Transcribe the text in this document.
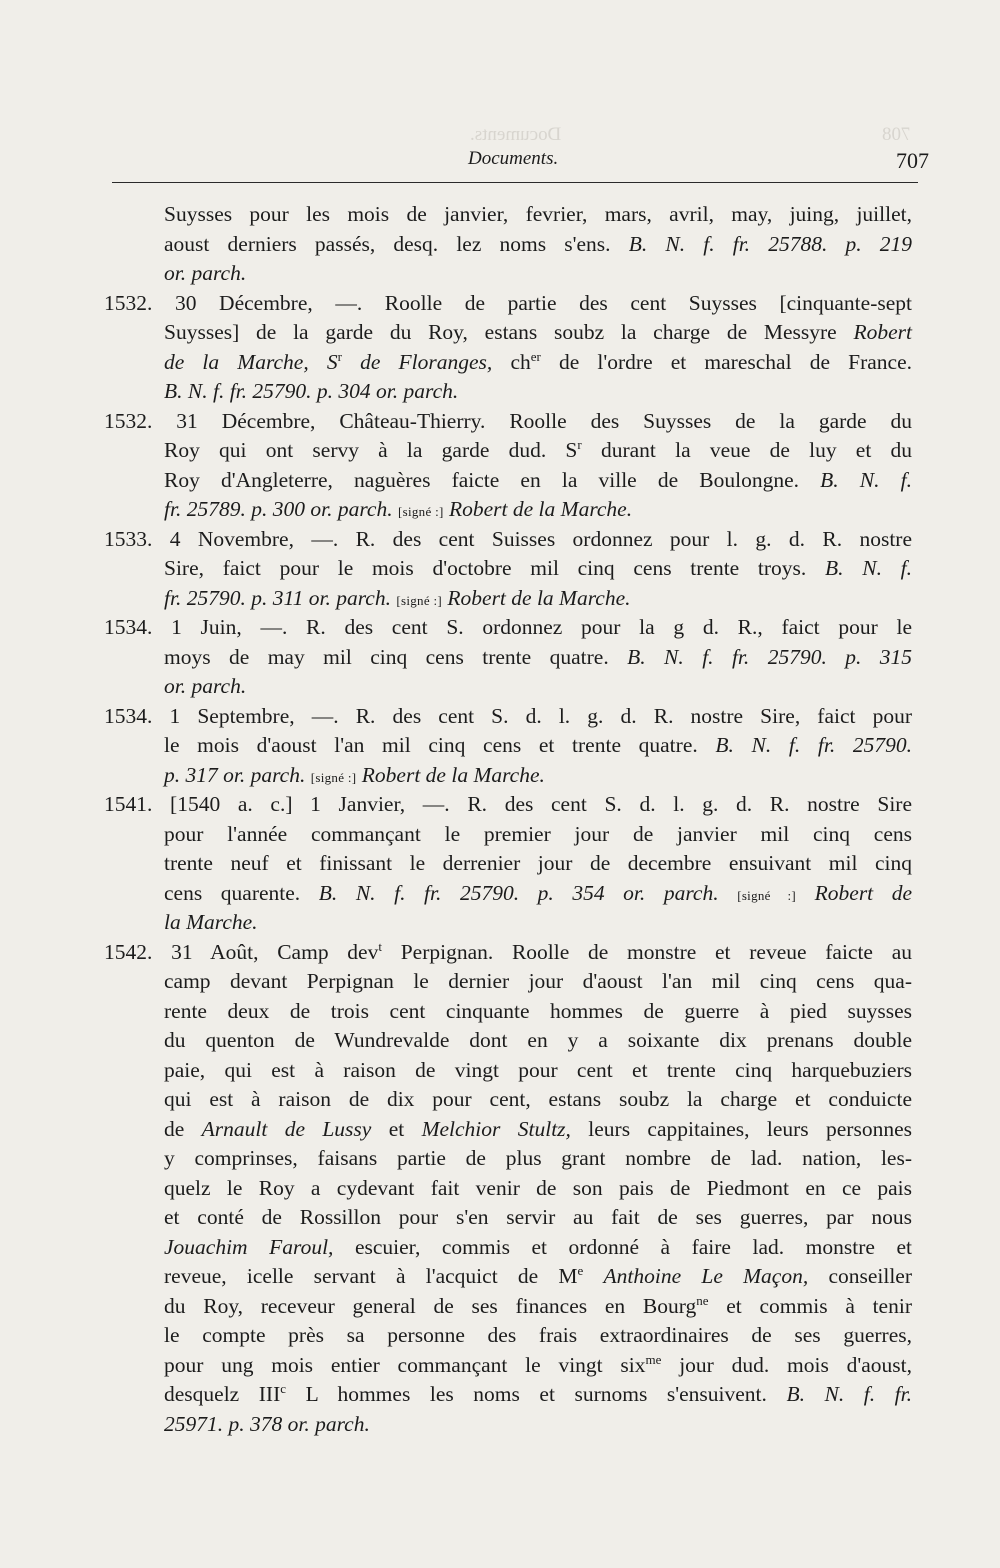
708
Documents.
Documents.	707
Suysses pour les mois de janvier, fevrier, mars, avril, may, juing, juillet,
aoust derniers passés, desq. lez noms s'ens. B. N. f. fr. 25788. p. 219
or. parch.
1532. 30 Décembre, —. Roolle de partie des cent Suysses [cinquante-sept
Suysses] de la garde du Roy, estans soubz la charge de Messyre Robert
de la Marche, $S^r$ de Floranges, $ch^{er}$ de l'ordre et mareschal de France.
B. N. f. fr. 25790. p. 304 or. parch.
1532. 31 Décembre, Château-Thierry. Roolle des Suysses de la garde du
Roy qui ont servy à la garde dud. $S^r$ durant la veue de luy et du
Roy d'Angleterre, naguères faicte en la ville de Boulongne. B. N. f.
fr. 25789. p. 300 or. parch. [signé :] Robert de la Marche.
1533. 4 Novembre, —. R. des cent Suisses ordonnez pour l. g. d. R. nostre
Sire, faict pour le mois d'octobre mil cinq cens trente troys. B. N. f.
fr. 25790. p. 311 or. parch. [signé :] Robert de la Marche.
1534. 1 Juin, —. R. des cent S. ordonnez pour la g d. R., faict pour le
moys de may mil cinq cens trente quatre. B. N. f. fr. 25790. p. 315
or. parch.
1534. 1 Septembre, —. R. des cent S. d. l. g. d. R. nostre Sire, faict pour
le mois d'aoust l'an mil cinq cens et trente quatre. B. N. f. fr. 25790.
p. 317 or. parch. [signé :] Robert de la Marche.
1541. [1540 a. c.] 1 Janvier, —. R. des cent S. d. l. g. d. R. nostre Sire
pour l'année commançant le premier jour de janvier mil cinq cens
trente neuf et finissant le derrenier jour de decembre ensuivant mil cinq
cens quarente. B. N. f. fr. 25790. p. 354 or. parch. [signé :] Robert de
la Marche.
1542. 31 Août, Camp dev$^t$ Perpignan. Roolle de monstre et reveue faicte au
camp devant Perpignan le dernier jour d'aoust l'an mil cinq cens qua-
rente deux de trois cent cinquante hommes de guerre à pied suysses
du quenton de Wundrevalde dont en y a soixante dix prenans double
paie, qui est à raison de vingt pour cent et trente cinq harquebuziers
qui est à raison de dix pour cent, estans soubz la charge et conduicte
de Arnault de Lussy et Melchior Stultz, leurs cappitaines, leurs personnes
y comprinses, faisans partie de plus grant nombre de lad. nation, les-
quelz le Roy a cydevant fait venir de son pais de Piedmont en ce pais
et conté de Rossillon pour s'en servir au fait de ses guerres, par nous
Jouachim Faroul, escuier, commis et ordonné à faire lad. monstre et
reveue, icelle servant à l'acquict de Me Anthoine Le Maçon, conseiller
du Roy, receveur general de ses finances en Bourg$^{ne}$ et commis à tenir
le compte près sa personne des frais extraordinaires de ses guerres,
pour ung mois entier commançant le vingt six$^{me}$ jour dud. mois d'aoust,
desquelz III$^c$ L hommes les noms et surnoms s'ensuivent. B. N. f. fr.
25971. p. 378 or. parch.
